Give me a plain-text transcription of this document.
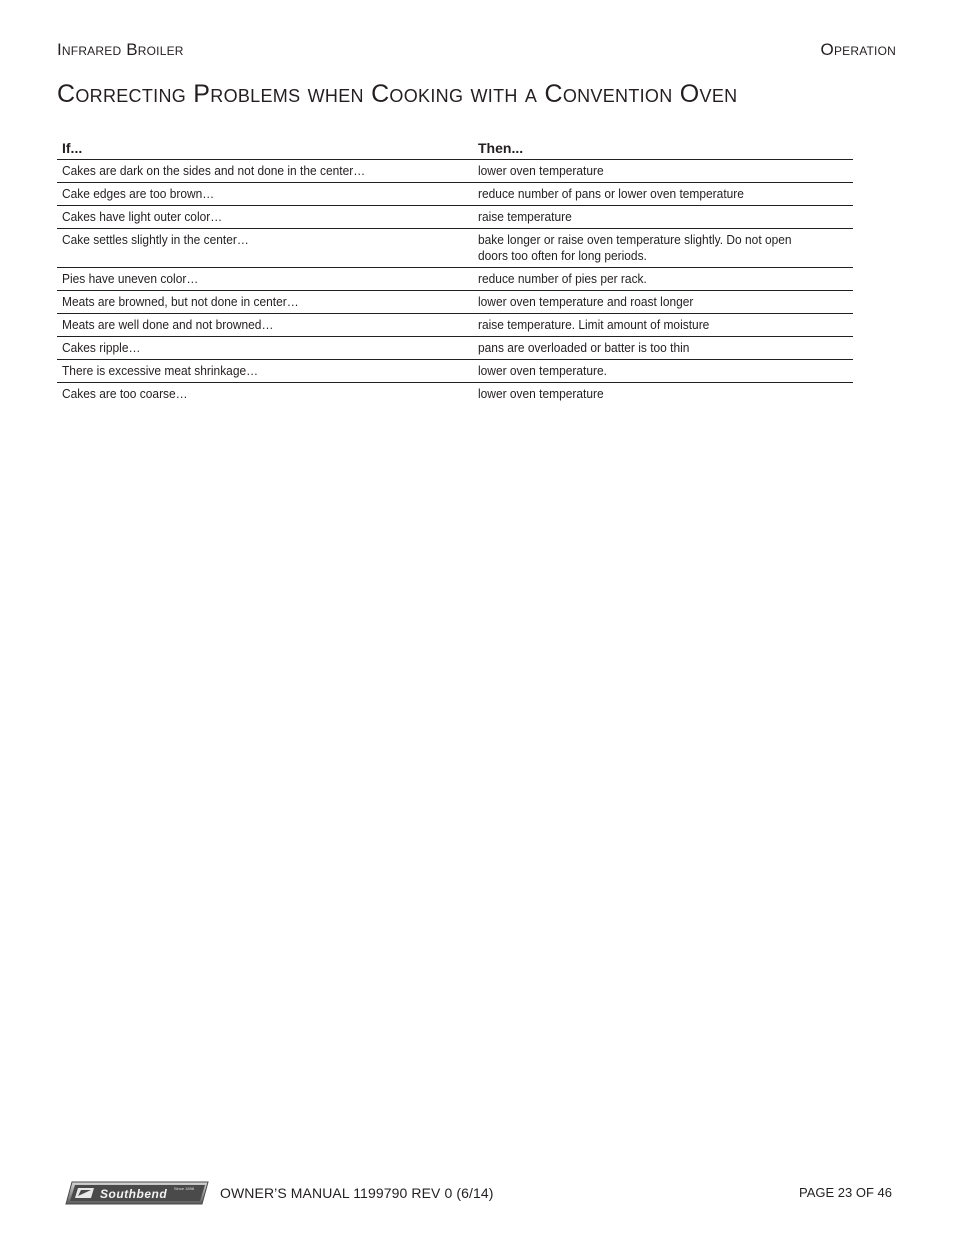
Infrared Broiler	Operation
Correcting Problems when Cooking with a Convention Oven
If...	Then...
Cakes are dark on the sides and not done in the center…	lower oven temperature
Cake edges are too brown…	reduce number of pans or lower oven temperature
Cakes have light outer color…	raise temperature
Cake settles slightly in the center…	bake longer or raise oven temperature slightly. Do not open doors too often for long periods.
Pies have uneven color…	reduce number of pies per rack.
Meats are browned, but not done in center…	lower oven temperature and roast longer
Meats are well done and not browned…	raise temperature. Limit amount of moisture
Cakes ripple…	pans are overloaded or batter is too thin
There is excessive meat shrinkage…	lower oven temperature.
Cakes are too coarse…	lower oven temperature
Southbend Since 1898 OWNER’S MANUAL 1199790 REV 0 (6/14)	PAGE 23 OF 46
